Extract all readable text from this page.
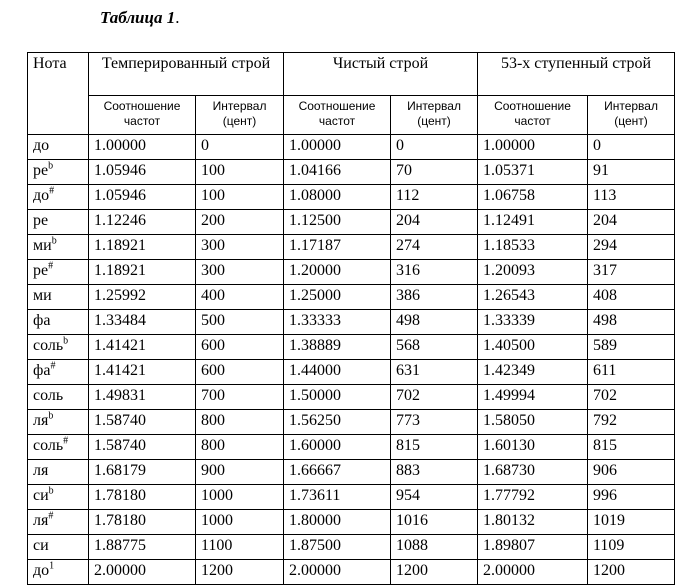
Таблица 1.
Нота	Темперированный строй		Чистый строй		53-х ступенный строй	
	Соотношение частот	Интервал (цент)	Соотношение частот	Интервал (цент)	Соотношение частот	Интервал (цент)
до	1.00000	0	1.00000	0	1.00000	0
$ре^b$	1.05946	100	1.04166	70	1.05371	91
до#	1.05946	100	1.08000	112	1.06758	113
ре	1.12246	200	1.12500	204	1.12491	204
$ми^b$	1.18921	300	1.17187	274	1.18533	294
ре#	1.18921	300	1.20000	316	1.20093	317
ми	1.25992	400	1.25000	386	1.26543	408
фа	1.33484	500	1.33333	498	1.33339	498
соль$^b$	1.41421	600	1.38889	568	1.40500	589
фа#	1.41421	600	1.44000	631	1.42349	611
соль	1.49831	700	1.50000	702	1.49994	702
$ля^b$	1.58740	800	1.56250	773	1.58050	792
соль#	1.58740	800	1.60000	815	1.60130	815
ля	1.68179	900	1.66667	883	1.68730	906
$си^b$	1.78180	1000	1.73611	954	1.77792	996
ля#	1.78180	1000	1.80000	1016	1.80132	1019
си	1.88775	1100	1.87500	1088	1.89807	1109
$до^1$	2.00000	1200	2.00000	1200	2.00000	1200
